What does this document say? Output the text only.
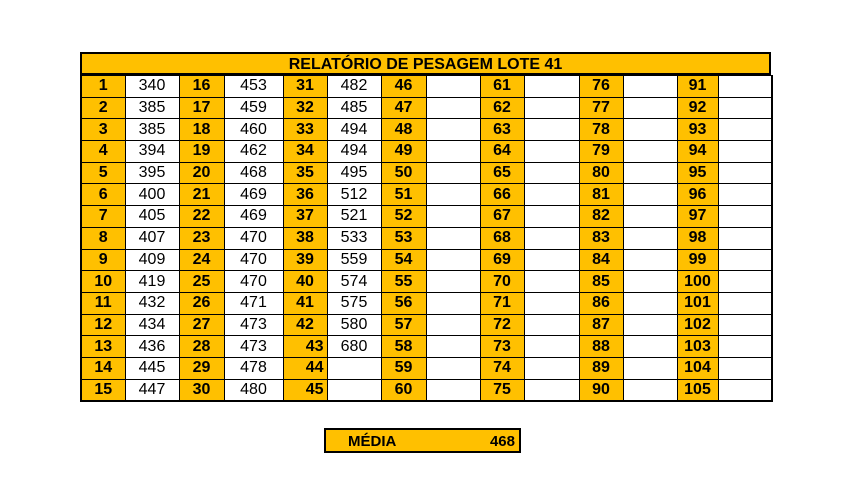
RELATÓRIO DE PESAGEM LOTE 41
1	340	16	453	31	482	46		61		76		91	
2	385	17	459	32	485	47		62		77		92	
3	385	18	460	33	494	48		63		78		93	
4	394	19	462	34	494	49		64		79		94	
5	395	20	468	35	495	50		65		80		95	
6	400	21	469	36	512	51		66		81		96	
7	405	22	469	37	521	52		67		82		97	
8	407	23	470	38	533	53		68		83		98	
9	409	24	470	39	559	54		69		84		99	
10	419	25	470	40	574	55		70		85		100	
11	432	26	471	41	575	56		71		86		101	
12	434	27	473	42	580	57		72		87		102	
13	436	28	473	43	680	58		73		88		103	
14	445	29	478	44		59		74		89		104	
15	447	30	480	45		60		75		90		105	
MÉDIA	468
